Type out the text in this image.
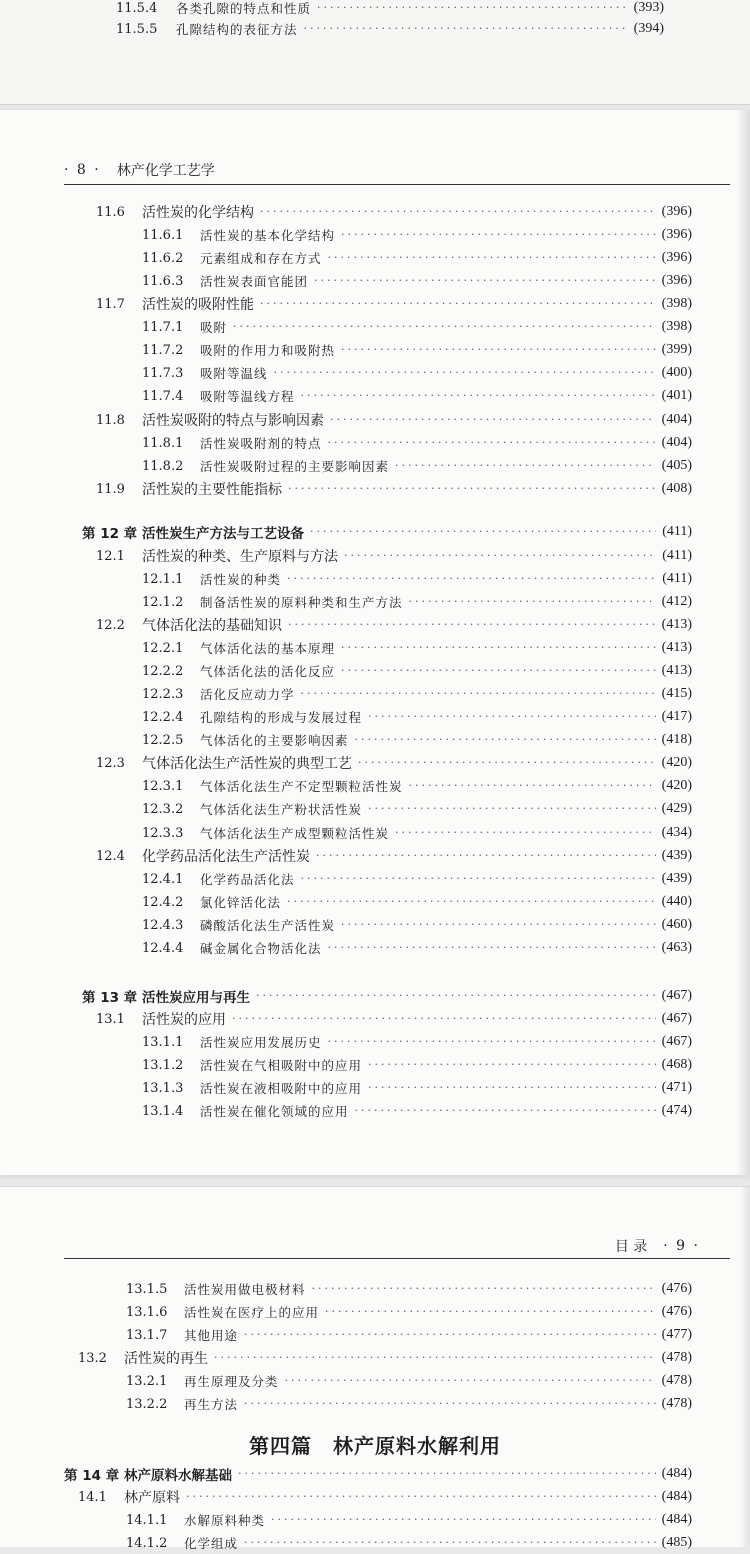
· 8 · 林产化学工艺学
目 录 · 9 ·
第四篇　林产原料水解利用
11.5.4	各类孔隙的特点和性质 ·····	(393)
11.5.5	孔隙结构的表征方法 ·····	(394)
11.6	活性炭的化学结构 ·····	(396)
11.6.1	活性炭的基本化学结构 ·····	(396)
11.6.2	元素组成和存在方式 ·····	(396)
11.6.3	活性炭表面官能团 ·····	(396)
11.7	活性炭的吸附性能 ·····	(398)
11.7.1	吸附 ·····	(398)
11.7.2	吸附的作用力和吸附热 ·····	(399)
11.7.3	吸附等温线 ·····	(400)
11.7.4	吸附等温线方程 ·····	(401)
11.8	活性炭吸附的特点与影响因素 ·····	(404)
11.8.1	活性炭吸附剂的特点 ·····	(404)
11.8.2	活性炭吸附过程的主要影响因素 ·····	(405)
11.9	活性炭的主要性能指标 ·····	(408)
第 12 章 活性炭生产方法与工艺设备 ·····	(411)
12.1	活性炭的种类、生产原料与方法 ·····	(411)
12.1.1	活性炭的种类 ·····	(411)
12.1.2	制备活性炭的原料种类和生产方法 ·····	(412)
12.2	气体活化法的基础知识 ·····	(413)
12.2.1	气体活化法的基本原理 ·····	(413)
12.2.2	气体活化法的活化反应 ·····	(413)
12.2.3	活化反应动力学 ·····	(415)
12.2.4	孔隙结构的形成与发展过程 ·····	(417)
12.2.5	气体活化的主要影响因素 ·····	(418)
12.3	气体活化法生产活性炭的典型工艺 ·····	(420)
12.3.1	气体活化法生产不定型颗粒活性炭 ·····	(420)
12.3.2	气体活化法生产粉状活性炭 ·····	(429)
12.3.3	气体活化法生产成型颗粒活性炭 ·····	(434)
12.4	化学药品活化法生产活性炭 ·····	(439)
12.4.1	化学药品活化法 ·····	(439)
12.4.2	氯化锌活化法 ·····	(440)
12.4.3	磷酸活化法生产活性炭 ·····	(460)
12.4.4	碱金属化合物活化法 ·····	(463)
第 13 章 活性炭应用与再生 ·····	(467)
13.1	活性炭的应用 ·····	(467)
13.1.1	活性炭应用发展历史 ·····	(467)
13.1.2	活性炭在气相吸附中的应用 ·····	(468)
13.1.3	活性炭在液相吸附中的应用 ·····	(471)
13.1.4	活性炭在催化领域的应用 ·····	(474)
13.1.5	活性炭用做电极材料 ·····	(476)
13.1.6	活性炭在医疗上的应用 ·····	(476)
13.1.7	其他用途 ·····	(477)
13.2	活性炭的再生 ·····	(478)
13.2.1	再生原理及分类 ·····	(478)
13.2.2	再生方法 ·····	(478)
第 14 章 林产原料水解基础 ·····	(484)
14.1	林产原料 ·····	(484)
14.1.1	水解原料种类 ·····	(484)
14.1.2	化学组成 ·····	(485)
